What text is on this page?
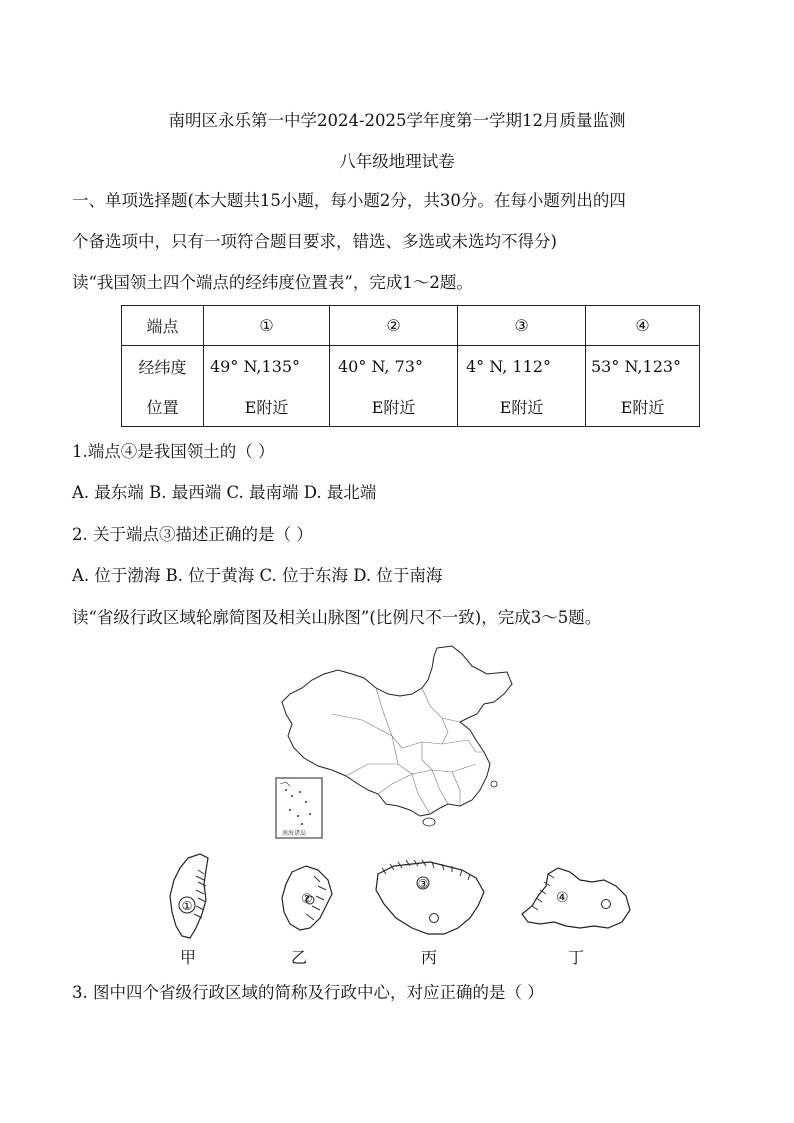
南明区永乐第一中学2024-2025学年度第一学期12月质量监测
八年级地理试卷
一、单项选择题(本大题共15小题，每小题2分，共30分。在每小题列出的四
个备选项中，只有一项符合题目要求，错选、多选或未选均不得分)
读“我国领土四个端点的经纬度位置表”，完成1～2题。
端点	①	②	③	④
经纬度	49° N,135°	40° N, 73°	4° N, 112°	53° N,123°
位置	E附近	E附近	E附近	E附近
1.端点④是我国领土的（ ）
A. 最东端 B. 最西端 C. 最南端 D. 最北端
2. 关于端点③描述正确的是（ ）
A. 位于渤海 B. 位于黄海 C. 位于东海 D. 位于南海
读“省级行政区域轮廓简图及相关山脉图”(比例尺不一致)，完成3～5题。
南海诸岛
①	②
③
④
甲	乙	丙	丁
3. 图中四个省级行政区域的简称及行政中心，对应正确的是（ ）
